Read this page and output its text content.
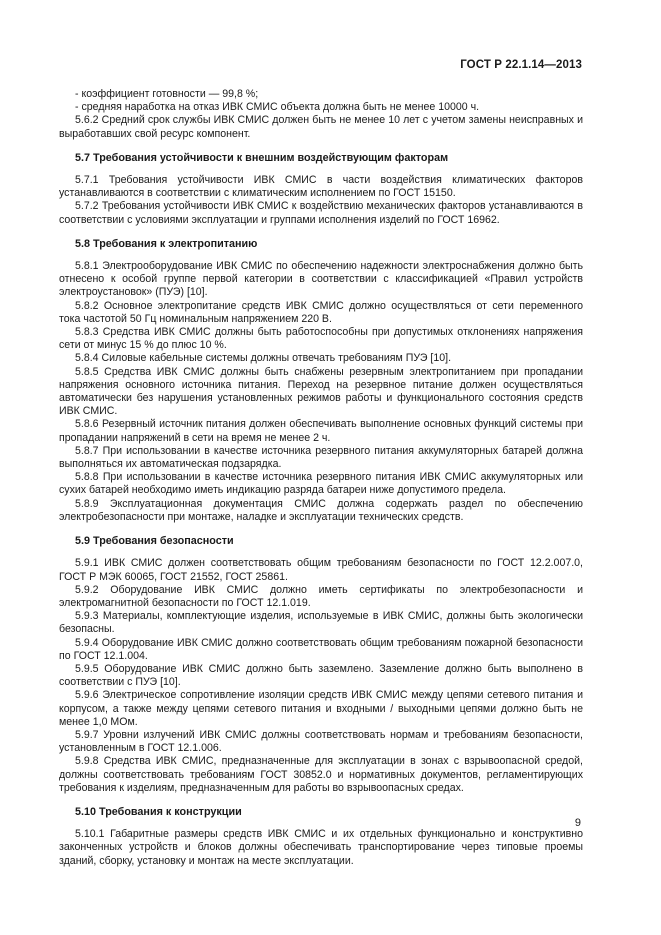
ГОСТ Р 22.1.14—2013

- коэффициент готовности — 99,8 %;

- средняя наработка на отказ ИВК СМИС объекта должна быть не менее 10000 ч.

5.6.2 Средний срок службы ИВК СМИС должен быть не менее 10 лет с учетом замены неисправных и выработавших свой ресурс компонент.

5.7 Требования устойчивости к внешним воздействующим факторам

5.7.1 Требования устойчивости ИВК СМИС в части воздействия климатических факторов устанавливаются в соответствии с климатическим исполнением по ГОСТ 15150.

5.7.2 Требования устойчивости ИВК СМИС к воздействию механических факторов устанавливаются в соответствии с условиями эксплуатации и группами исполнения изделий по ГОСТ 16962.

5.8 Требования к электропитанию

5.8.1 Электрооборудование ИВК СМИС по обеспечению надежности электроснабжения должно быть отнесено к особой группе первой категории в соответствии с классификацией «Правил устройств электроустановок» (ПУЭ) [10].

5.8.2 Основное электропитание средств ИВК СМИС должно осуществляться от сети переменного тока частотой 50 Гц номинальным напряжением 220 В.

5.8.3 Средства ИВК СМИС должны быть работоспособны при допустимых отклонениях напряжения сети от минус 15 % до плюс 10 %.

5.8.4 Силовые кабельные системы должны отвечать требованиям ПУЭ [10].

5.8.5 Средства ИВК СМИС должны быть снабжены резервным электропитанием при пропадании напряжения основного источника питания. Переход на резервное питание должен осуществляться автоматически без нарушения установленных режимов работы и функционального состояния средств ИВК СМИС.

5.8.6 Резервный источник питания должен обеспечивать выполнение основных функций системы при пропадании напряжений в сети на время не менее 2 ч.

5.8.7 При использовании в качестве источника резервного питания аккумуляторных батарей должна выполняться их автоматическая подзарядка.

5.8.8 При использовании в качестве источника резервного питания ИВК СМИС аккумуляторных или сухих батарей необходимо иметь индикацию разряда батареи ниже допустимого предела.

5.8.9 Эксплуатационная документация СМИС должна содержать раздел по обеспечению электробезопасности при монтаже, наладке и эксплуатации технических средств.

5.9 Требования безопасности

5.9.1 ИВК СМИС должен соответствовать общим требованиям безопасности по ГОСТ 12.2.007.0, ГОСТ Р МЭК 60065, ГОСТ 21552, ГОСТ 25861.

5.9.2 Оборудование ИВК СМИС должно иметь сертификаты по электробезопасности и электромагнитной безопасности по ГОСТ 12.1.019.

5.9.3 Материалы, комплектующие изделия, используемые в ИВК СМИС, должны быть экологически безопасны.

5.9.4 Оборудование ИВК СМИС должно соответствовать общим требованиям пожарной безопасности по ГОСТ 12.1.004.

5.9.5 Оборудование ИВК СМИС должно быть заземлено. Заземление должно быть выполнено в соответствии с ПУЭ [10].

5.9.6 Электрическое сопротивление изоляции средств ИВК СМИС между цепями сетевого питания и корпусом, а также между цепями сетевого питания и входными / выходными цепями должно быть не менее 1,0 МОм.

5.9.7 Уровни излучений ИВК СМИС должны соответствовать нормам и требованиям безопасности, установленным в ГОСТ 12.1.006.

5.9.8 Средства ИВК СМИС, предназначенные для эксплуатации в зонах с взрывоопасной средой, должны соответствовать требованиям ГОСТ 30852.0 и нормативных документов, регламентирующих требования к изделиям, предназначенным для работы во взрывоопасных средах.

5.10 Требования к конструкции

5.10.1 Габаритные размеры средств ИВК СМИС и их отдельных функционально и конструктивно законченных устройств и блоков должны обеспечивать транспортирование через типовые проемы зданий, сборку, установку и монтаж на месте эксплуатации.

9
